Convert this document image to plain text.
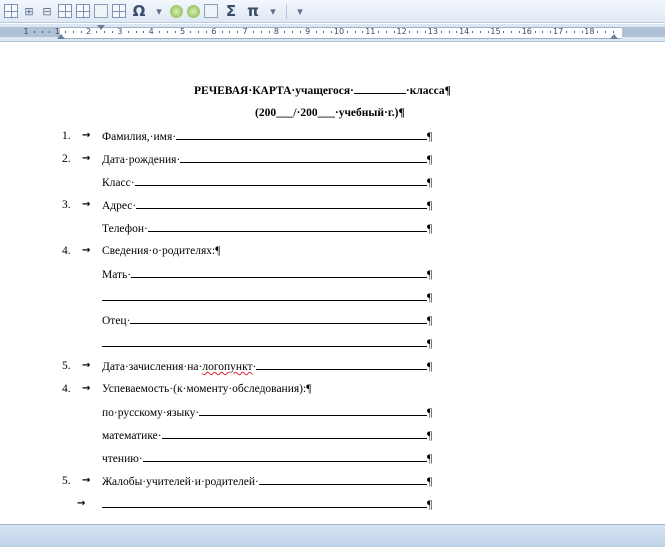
⊞ ⊟	Ω ▾	Σ π	▾	▾
1	1	2	3	4	5	6	7	8	9	10	11	12	13	14	15	16	17	18
РЕЧЕВАЯ·КАРТА·учащегося·	·класса¶
(200___/·200___·учебный·г.)¶
1.	→ Фамилия,·имя·	¶
2.	→ Дата·рождения·	¶
Класс·	¶
3.	→ Адрес·	¶
Телефон·	¶
4.	→ Сведения·о·родителях:¶
Мать·	¶
¶
Отец·	¶
¶
5.	→ Дата·зачисления·на·логопункт·	¶
4.	→ Успеваемость·(к·моменту·обследования):¶
по·русскому·языку·	¶
математике·	¶
чтению·	¶
5.	→ Жалобы·учителей·и·родителей·	¶
→	¶
